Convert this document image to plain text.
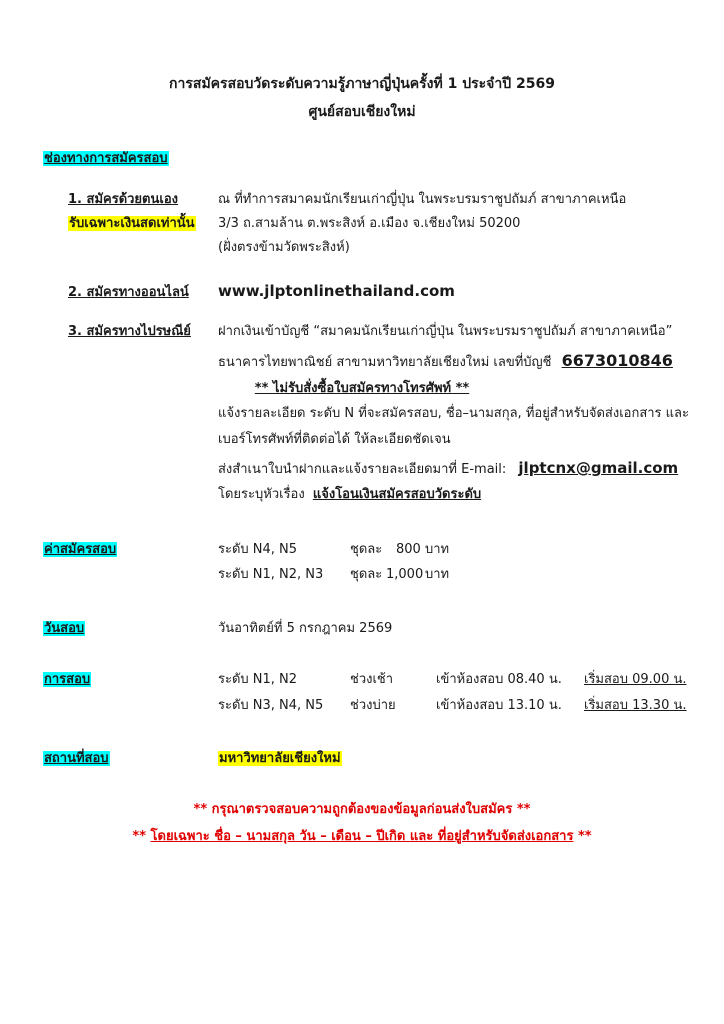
การสมัครสอบวัดระดับความรู้ภาษาญี่ปุ่นครั้งที่ 1 ประจำปี 2569
ศูนย์สอบเชียงใหม่
ช่องทางการสมัครสอบ
1. สมัครด้วยตนเอง
รับเฉพาะเงินสดเท่านั้น
ณ ที่ทำการสมาคมนักเรียนเก่าญี่ปุ่น ในพระบรมราชูปถัมภ์ สาขาภาคเหนือ
3/3 ถ.สามล้าน ต.พระสิงห์ อ.เมือง จ.เชียงใหม่ 50200
(ฝั่งตรงข้ามวัดพระสิงห์)
2. สมัครทางออนไลน์ www.jlptonlinethailand.com
3. สมัครทางไปรษณีย์ ฝากเงินเข้าบัญชี “สมาคมนักเรียนเก่าญี่ปุ่น ในพระบรมราชูปถัมภ์ สาขาภาคเหนือ”
ธนาคารไทยพาณิชย์ สาขามหาวิทยาลัยเชียงใหม่ เลขที่บัญชี 6673010846
** ไม่รับสั่งซื้อใบสมัครทางโทรศัพท์ **
แจ้งรายละเอียด ระดับ N ที่จะสมัครสอบ, ชื่อ–นามสกุล, ที่อยู่สำหรับจัดส่งเอกสาร และ
เบอร์โทรศัพท์ที่ติดต่อได้ ให้ละเอียดชัดเจน
ส่งสำเนาใบนำฝากและแจ้งรายละเอียดมาที่ E-mail: jlptcnx@gmail.com
โดยระบุหัวเรื่อง แจ้งโอนเงินสมัครสอบวัดระดับ
ค่าสมัครสอบ	ระดับ N4, N5	ชุดละ 800 บาท
ระดับ N1, N2, N3 ชุดละ 1,000 บาท
วันสอบ	วันอาทิตย์ที่ 5 กรกฎาคม 2569
การสอบ	ระดับ N1, N2	ช่วงเช้า	เข้าห้องสอบ 08.40 น. เริ่มสอบ 09.00 น.
ระดับ N3, N4, N5 ช่วงบ่าย	เข้าห้องสอบ 13.10 น. เริ่มสอบ 13.30 น.
สถานที่สอบ	มหาวิทยาลัยเชียงใหม่
** กรุณาตรวจสอบความถูกต้องของข้อมูลก่อนส่งใบสมัคร **
** โดยเฉพาะ ชื่อ – นามสกุล วัน – เดือน – ปีเกิด และ ที่อยู่สำหรับจัดส่งเอกสาร **
